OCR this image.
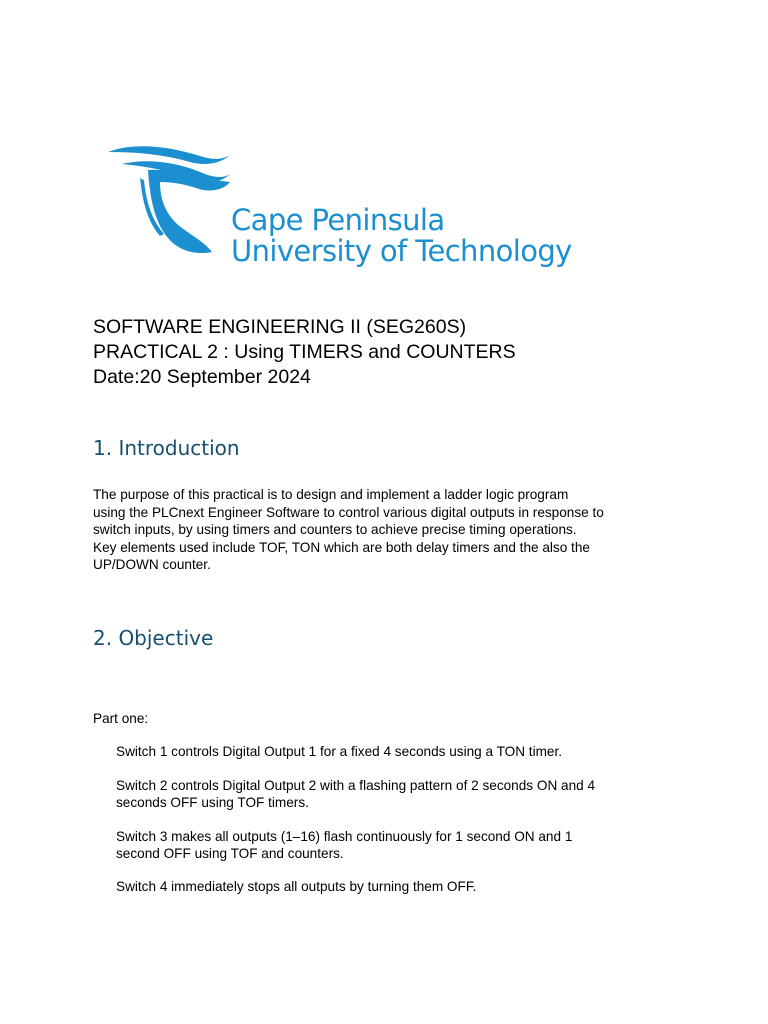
Cape Peninsula
University of Technology
SOFTWARE ENGINEERING II (SEG260S)
PRACTICAL 2 : Using TIMERS and COUNTERS
Date:20 September 2024
1. Introduction
The purpose of this practical is to design and implement a ladder logic program
using the PLCnext Engineer Software to control various digital outputs in response to
switch inputs, by using timers and counters to achieve precise timing operations.
Key elements used include TOF, TON which are both delay timers and the also the
UP/DOWN counter.
2. Objective
Part one:
Switch 1 controls Digital Output 1 for a fixed 4 seconds using a TON timer.
Switch 2 controls Digital Output 2 with a flashing pattern of 2 seconds ON and 4
seconds OFF using TOF timers.
Switch 3 makes all outputs (1–16) flash continuously for 1 second ON and 1
second OFF using TOF and counters.
Switch 4 immediately stops all outputs by turning them OFF.
